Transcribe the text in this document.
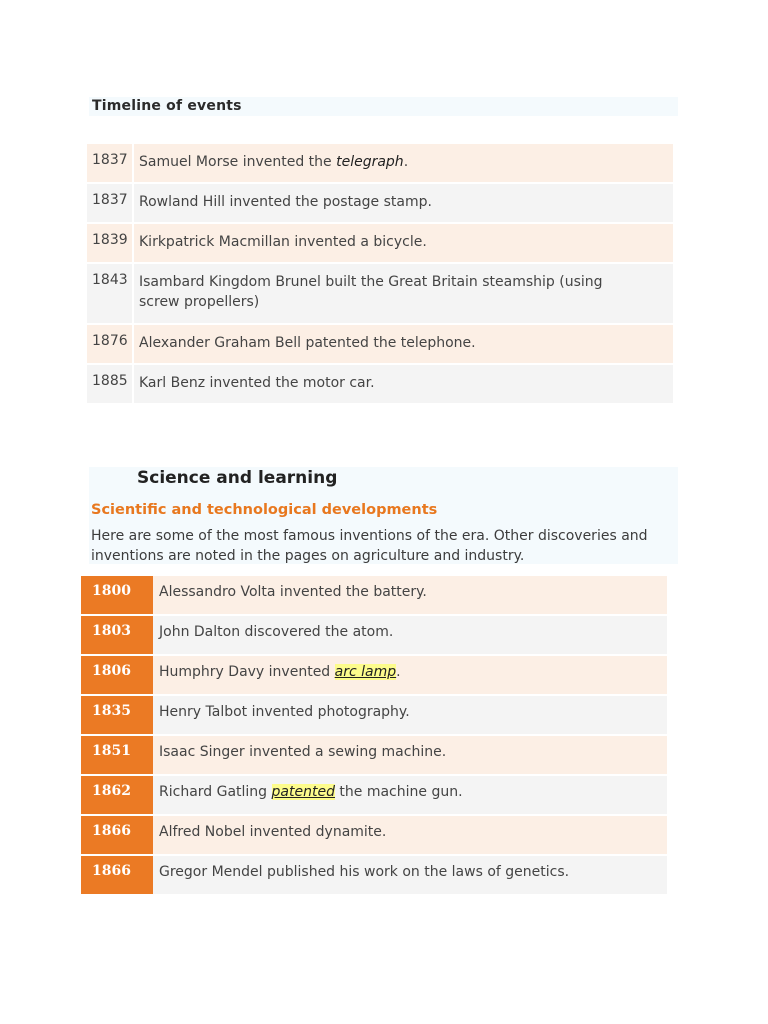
Timeline of events
1837 Samuel Morse invented the telegraph.
1837 Rowland Hill invented the postage stamp.
1839 Kirkpatrick Macmillan invented a bicycle.
1843 Isambard Kingdom Brunel built the Great Britain steamship (using screw propellers)
1876 Alexander Graham Bell patented the telephone.
1885 Karl Benz invented the motor car.
Science and learning
Scientific and technological developments
Here are some of the most famous inventions of the era. Other discoveries and inventions are noted in the pages on agriculture and industry.
1800	Alessandro Volta invented the battery.
1803	John Dalton discovered the atom.
1806	Humphry Davy invented arc lamp.
1835	Henry Talbot invented photography.
1851	Isaac Singer invented a sewing machine.
1862	Richard Gatling patented the machine gun.
1866	Alfred Nobel invented dynamite.
1866	Gregor Mendel published his work on the laws of genetics.
